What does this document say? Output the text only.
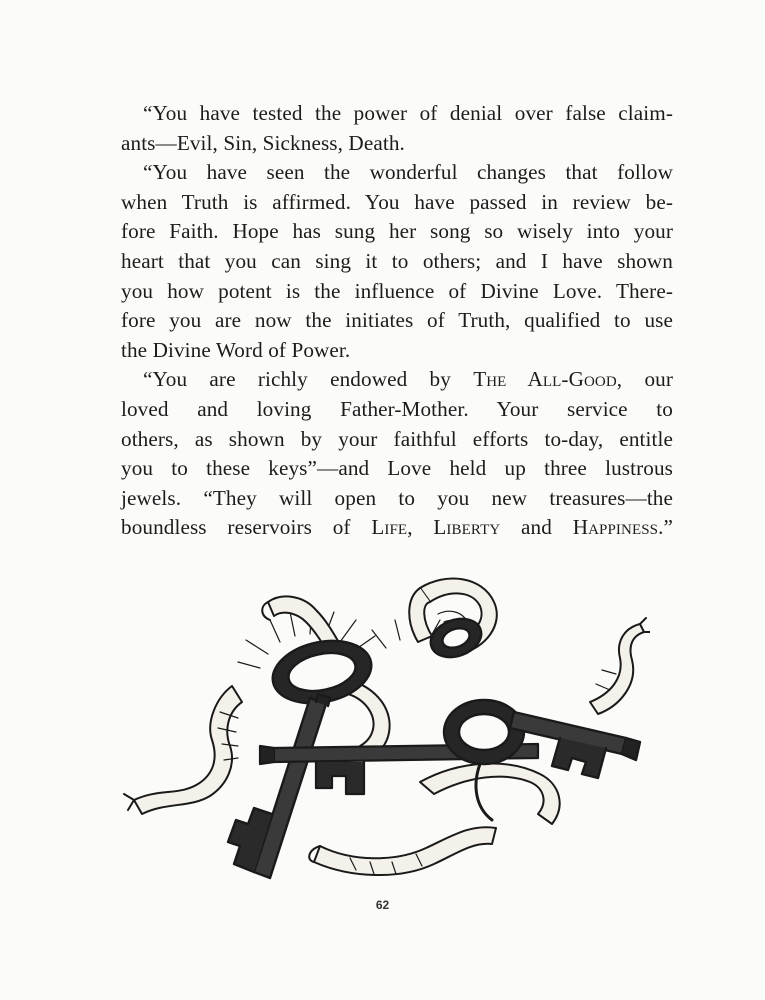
“You have tested the power of denial over false claim-
ants—Evil, Sin, Sickness, Death.
“You have seen the wonderful changes that follow
when Truth is affirmed. You have passed in review be-
fore Faith. Hope has sung her song so wisely into your
heart that you can sing it to others; and I have shown
you how potent is the influence of Divine Love. There-
fore you are now the initiates of Truth, qualified to use
the Divine Word of Power.
“You are richly endowed by The All-Good, our
loved and loving Father-Mother. Your service to
others, as shown by your faithful efforts to-day, entitle
you to these keys”—and Love held up three lustrous
jewels. “They will open to you new treasures—the
boundless reservoirs of Life, Liberty and Happiness.”
62
